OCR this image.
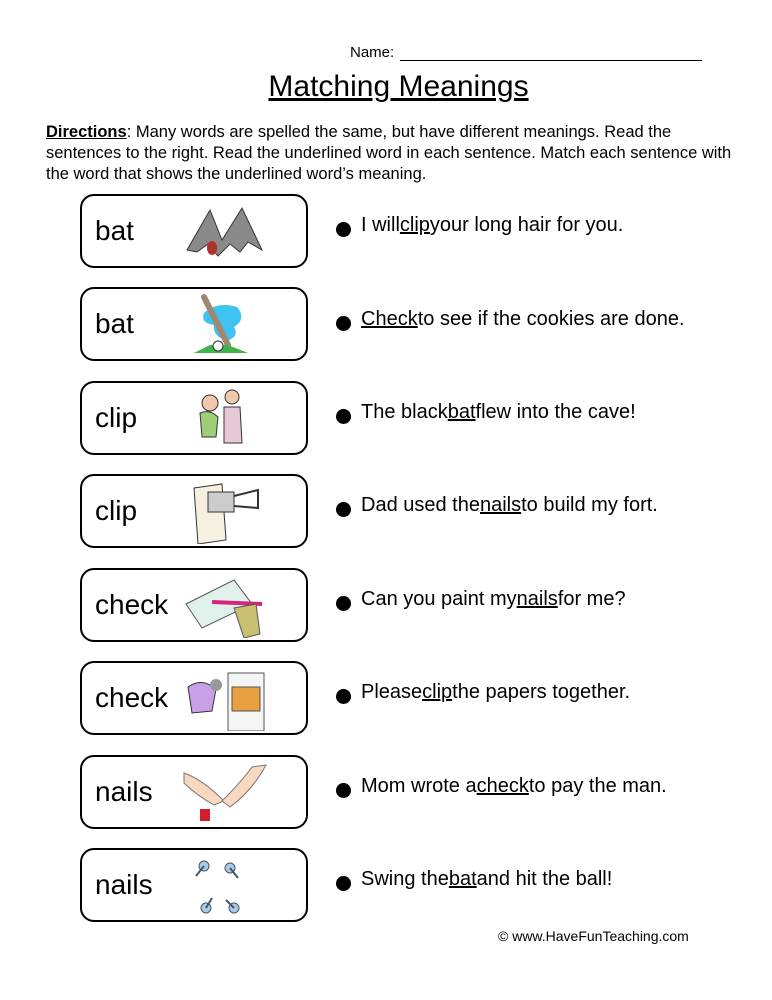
Name:
Matching Meanings
Directions: Many words are spelled the same, but have different meanings. Read the sentences to the right. Read the underlined word in each sentence. Match each sentence with the word that shows the underlined word’s meaning.
bat
bat
clip
clip
check
check
nails
nails
I will clip your long hair for you.
Check to see if the cookies are done.
The black bat flew into the cave!
Dad used the nails to build my fort.
Can you paint my nails for me?
Please clip the papers together.
Mom wrote a check to pay the man.
Swing the bat and hit the ball!
© www.HaveFunTeaching.com
